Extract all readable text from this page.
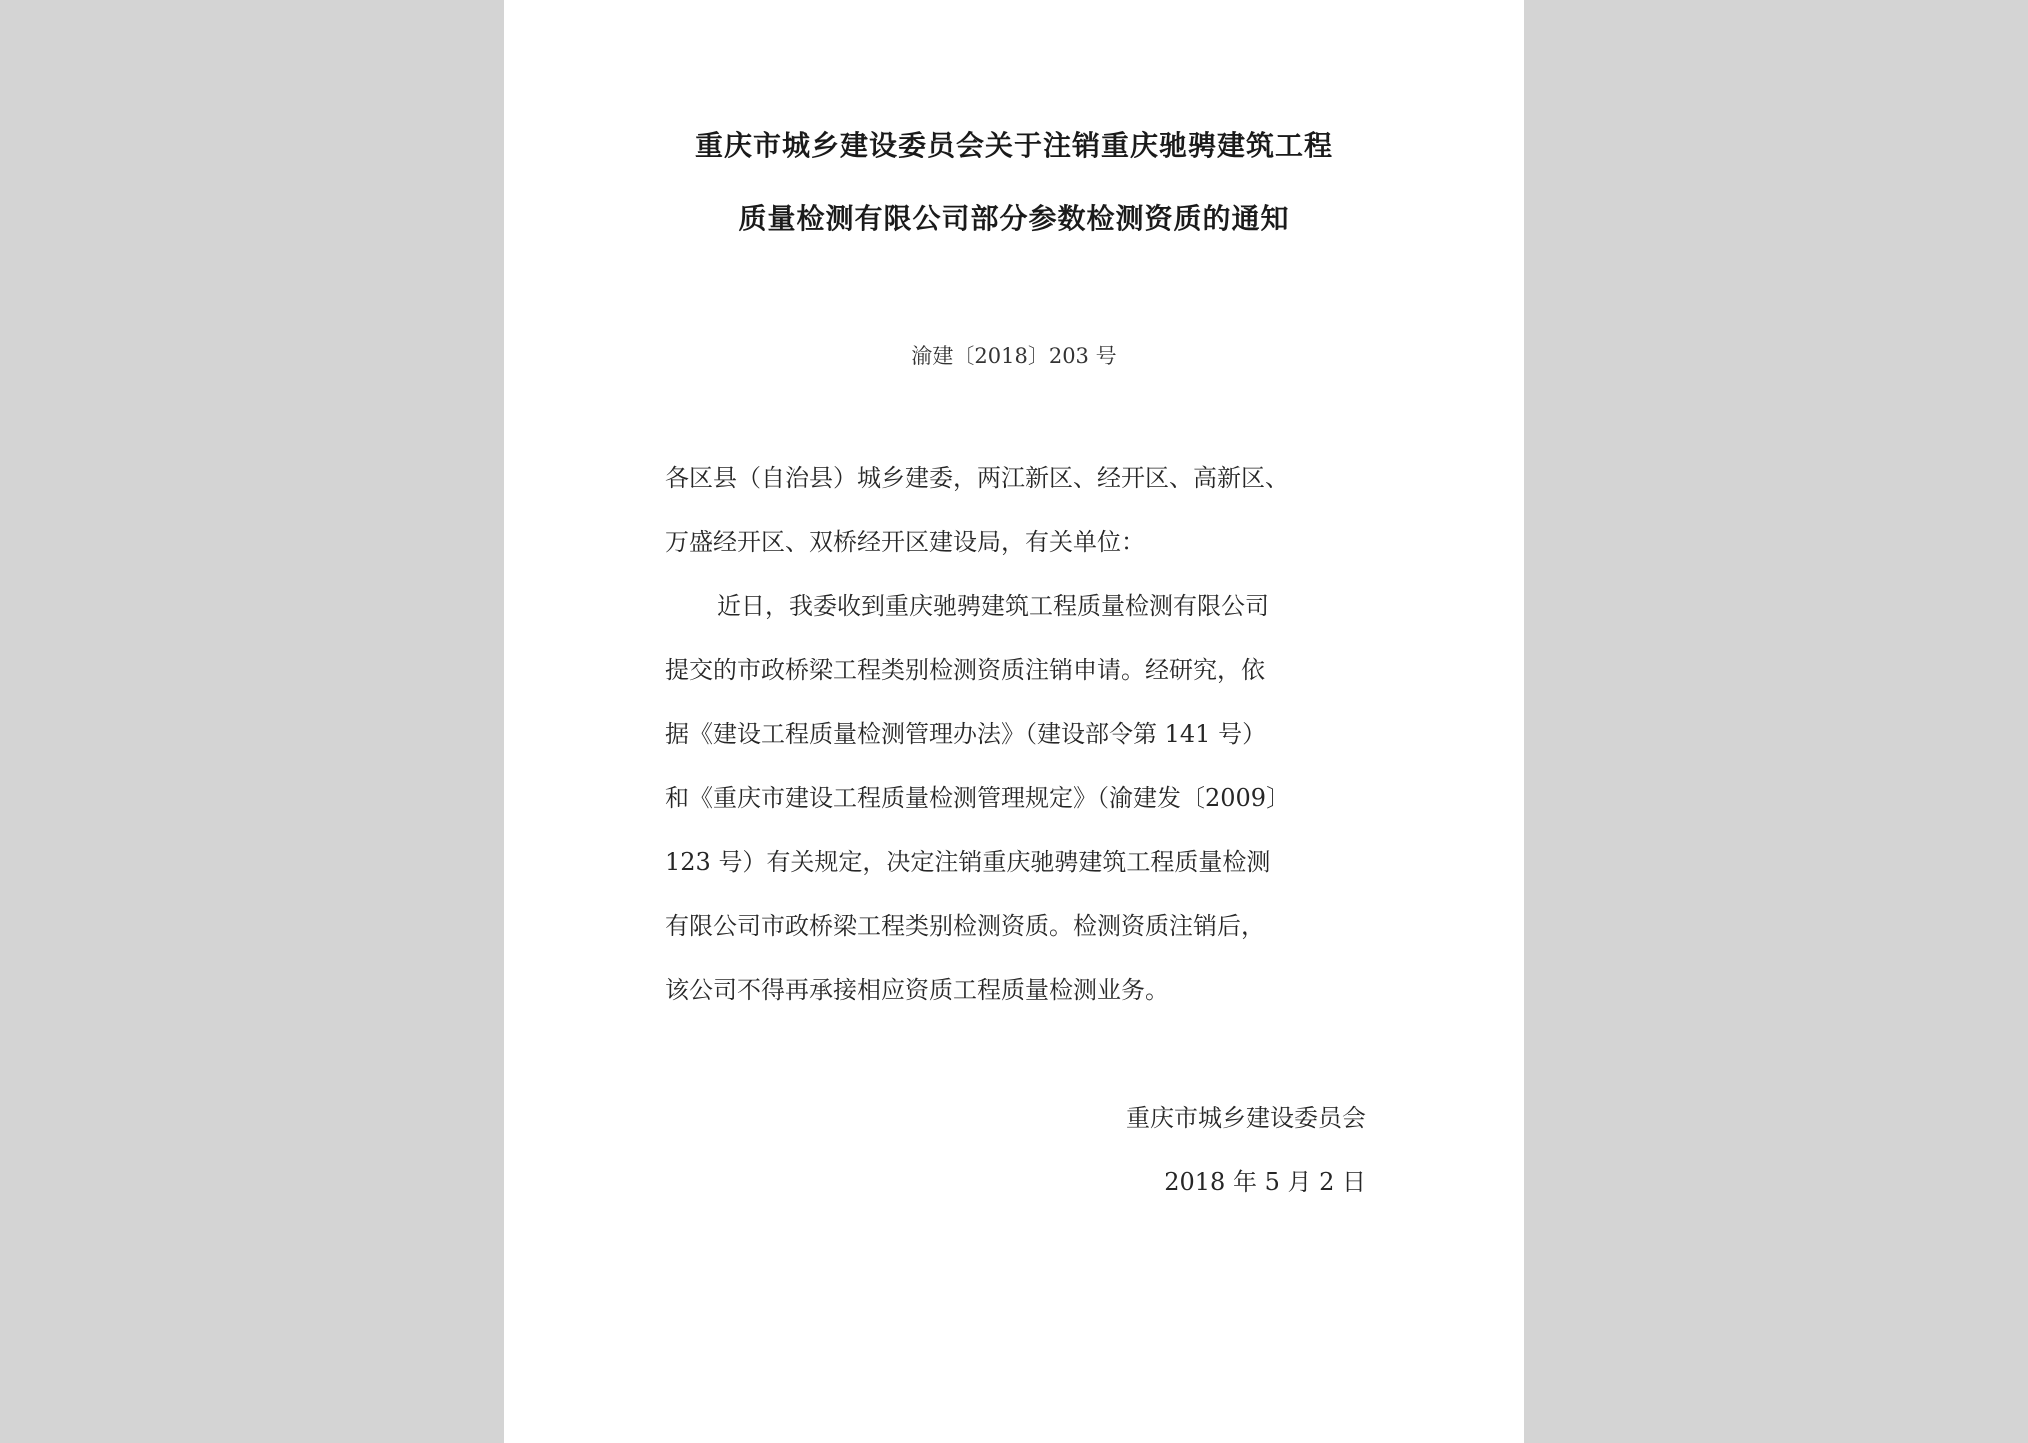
重庆市城乡建设委员会关于注销重庆驰骋建筑工程
质量检测有限公司部分参数检测资质的通知
渝建〔2018〕203 号
各区县（自治县）城乡建委，两江新区、经开区、高新区、
万盛经开区、双桥经开区建设局，有关单位：
近日，我委收到重庆驰骋建筑工程质量检测有限公司
提交的市政桥梁工程类别检测资质注销申请。经研究，依
据《建设工程质量检测管理办法》（建设部令第 141 号）
和《重庆市建设工程质量检测管理规定》（渝建发〔2009〕
123 号）有关规定，决定注销重庆驰骋建筑工程质量检测
有限公司市政桥梁工程类别检测资质。检测资质注销后，
该公司不得再承接相应资质工程质量检测业务。
重庆市城乡建设委员会
2018 年 5 月 2 日
